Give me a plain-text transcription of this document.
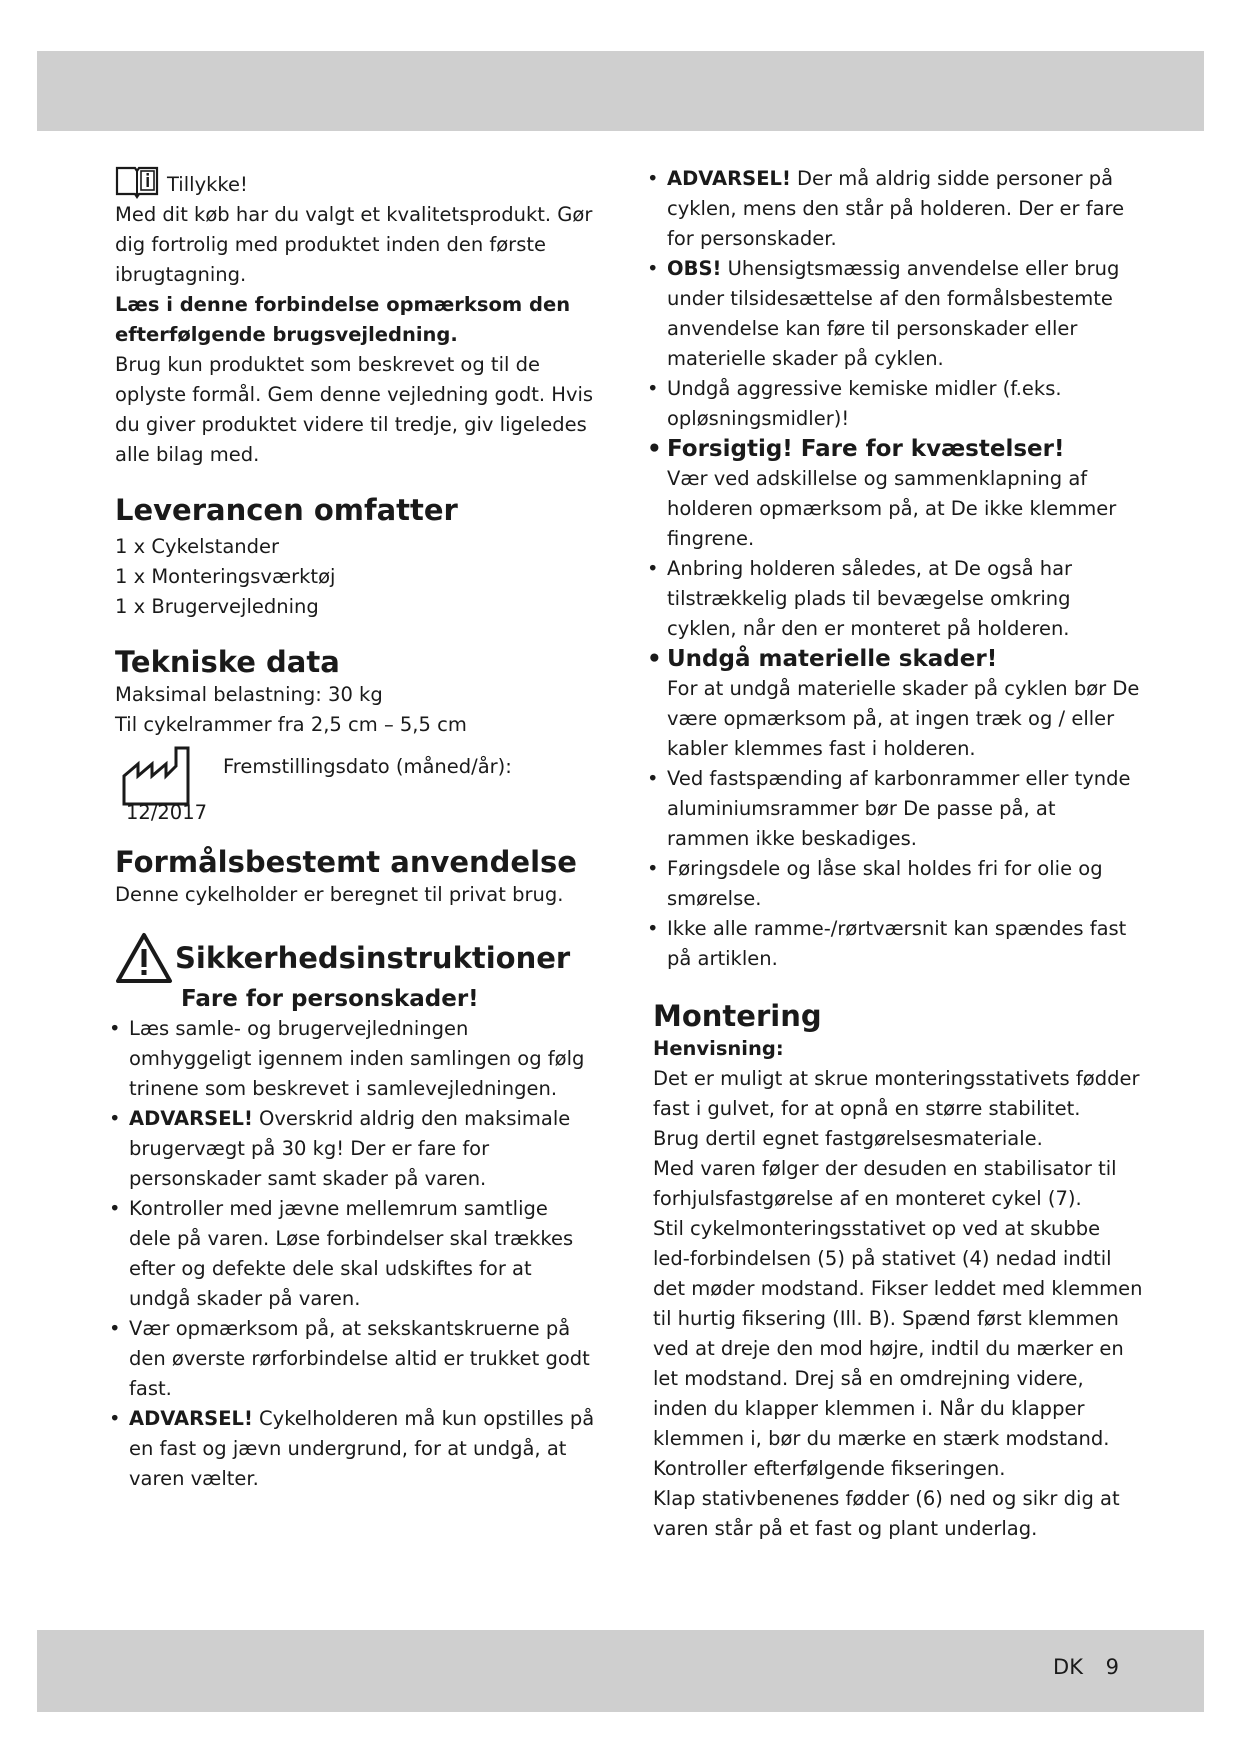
Tillykke!

Med dit køb har du valgt et kvalitetsprodukt. Gør dig fortrolig med produktet inden den første ibrugtagning.

Læs i denne forbindelse opmærksom den efterfølgende brugsvejledning.

Brug kun produktet som beskrevet og til de oplyste formål. Gem denne vejledning godt. Hvis du giver produktet videre til tredje, giv ligeledes alle bilag med.

Leverancen omfatter

1 x Cykelstander

1 x Monteringsværktøj

1 x Brugervejledning

Tekniske data

Maksimal belastning: 30 kg

Til cykelrammer fra 2,5 cm – 5,5 cm

Fremstillingsdato (måned/år):
12/2017
Formålsbestemt anvendelse

Denne cykelholder er beregnet til privat brug.

Sikkerhedsinstruktioner

Fare for personskader!

• Læs samle- og brugervejledningen omhyggeligt igennem inden samlingen og følg trinene som beskrevet i samlevejledningen.
• ADVARSEL! Overskrid aldrig den maksimale brugervægt på 30 kg! Der er fare for personskader samt skader på varen.
• Kontroller med jævne mellemrum samtlige dele på varen. Løse forbindelser skal trækkes efter og defekte dele skal udskiftes for at undgå skader på varen.
• Vær opmærksom på, at sekskantskruerne på den øverste rørforbindelse altid er trukket godt fast.
• ADVARSEL! Cykelholderen må kun opstilles på en fast og jævn undergrund, for at undgå, at varen vælter.
• ADVARSEL! Der må aldrig sidde personer på cyklen, mens den står på holderen. Der er fare for personskader.
• OBS! Uhensigtsmæssig anvendelse eller brug under tilsidesættelse af den formålsbestemte anvendelse kan føre til personskader eller materielle skader på cyklen.
• Undgå aggressive kemiske midler (f.eks. opløsningsmidler)!
• Forsigtig! Fare for kvæstelser!

Vær ved adskillelse og sammenklapning af holderen opmærksom på, at De ikke klemmer fingrene.

• Anbring holderen således, at De også har tilstrækkelig plads til bevægelse omkring cyklen, når den er monteret på holderen.
• Undgå materielle skader!

For at undgå materielle skader på cyklen bør De være opmærksom på, at ingen træk og / eller kabler klemmes fast i holderen.

• Ved fastspænding af karbonrammer eller tynde aluminiumsrammer bør De passe på, at rammen ikke beskadiges.
• Føringsdele og låse skal holdes fri for olie og smørelse.
• Ikke alle ramme-/rørtværsnit kan spændes fast på artiklen.
Montering

Henvisning:

Det er muligt at skrue monteringsstativets fødder fast i gulvet, for at opnå en større stabilitet.

Brug dertil egnet fastgørelsesmateriale.

Med varen følger der desuden en stabilisator til forhjulsfastgørelse af en monteret cykel (7).

Stil cykelmonteringsstativet op ved at skubbe led-forbindelsen (5) på stativet (4) nedad indtil det møder modstand. Fikser leddet med klemmen til hurtig fiksering (Ill. B). Spænd først klemmen ved at dreje den mod højre, indtil du mærker en let modstand. Drej så en omdrejning videre, inden du klapper klemmen i. Når du klapper klemmen i, bør du mærke en stærk modstand. Kontroller efterfølgende fikseringen.

Klap stativbenenes fødder (6) ned og sikr dig at varen står på et fast og plant underlag.

DK 9
